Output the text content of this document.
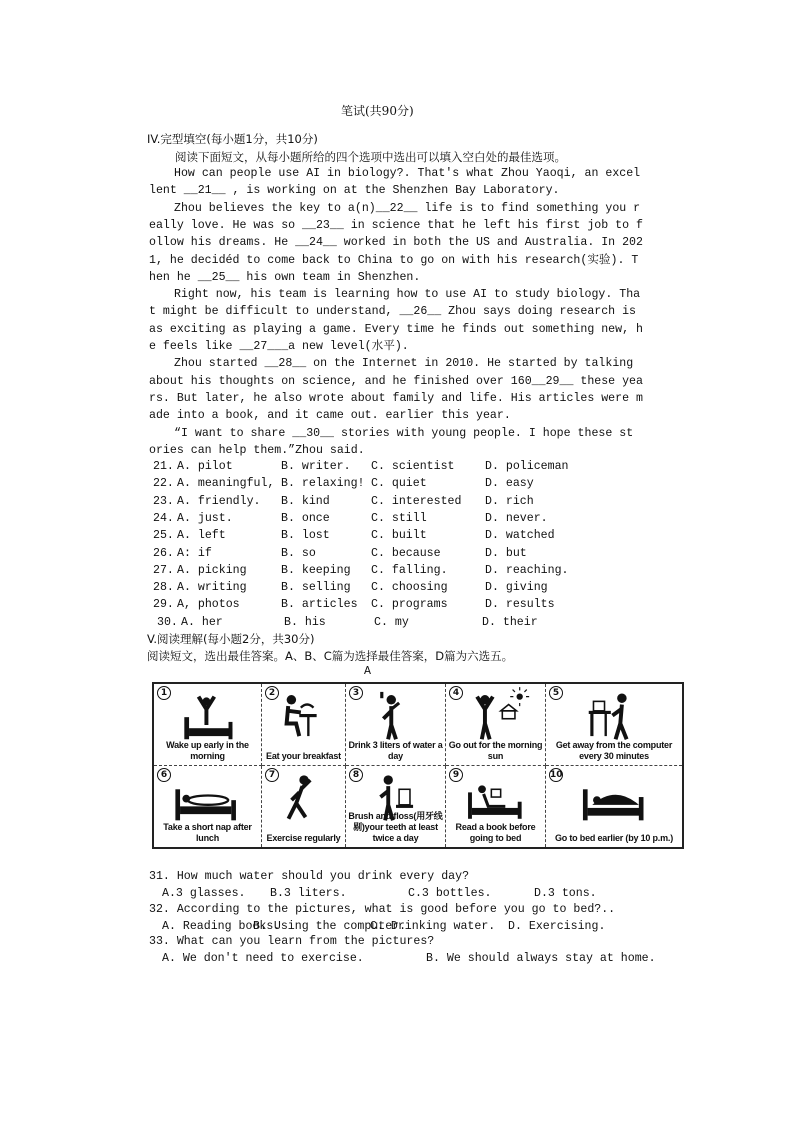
笔试(共90分)
IV.完型填空(每小题1分，共10分)
阅读下面短文，从每小题所给的四个选项中选出可以填入空白处的最佳选项。
How can people use AI in biology?. That's what Zhou Yaoqi, an excel
lent __21__ , is working on at the Shenzhen Bay Laboratory.
Zhou believes the key to a(n)__22__ life is to find something you r
eally love. He was so __23__ in science that he left his first job to f
ollow his dreams. He __24__ worked in both the US and Australia. In 202
1, he decidéd to come back to China to go on with his research(实验). T
hen he __25__ his own team in Shenzhen.
Right now, his team is learning how to use AI to study biology. Tha
t might be difficult to understand, __26__ Zhou says doing research is
as exciting as playing a game. Every time he finds out something new, h
e feels like __27___a new level(水平).
Zhou started __28__ on the Internet in 2010. He started by talking
about his thoughts on science, and he finished over 160__29__ these yea
rs. But later, he also wrote about family and life. His articles were m
ade into a book, and it came out. earlier this year.
“I want to share __30__ stories with young people. I hope these st
ories can help them.”Zhou said.
21. A. pilot	B. writer. C. scientist	D. policeman
22. A. meaningful, B. relaxing! C. quiet	D. easy
23. A. friendly. B. kind	C. interested D. rich
24. A. just.	B. once	C. still	D. never.
25. A. left	B. lost	C. built	D. watched
26. A: if	B. so	C. because	D. but
27. A. picking	B. keeping C. falling.	D. reaching.
28. A. writing	B. selling C. choosing	D. giving
29. A, photos	B. articles C. programs	D. results
30. A. her	B. his	C. my	D. their
V.阅读理解(每小题2分，共30分)
阅读短文，选出最佳答案。A、B、C篇为选择最佳答案，D篇为六选五。
A
1
Wake up early in the morning
2
Eat your breakfast
3
Drink 3 liters of water a day
4
Go out for the morning sun
5
Get away from the computer every 30 minutes
6
Take a short nap after lunch
7
Exercise regularly
8
Brush and floss(用牙线剔)your teeth at least twice a day
9
Read a book before going to bed
10
Go to bed earlier (by 10 p.m.)
31. How much water should you drink every day?
A.3 glasses. B.3 liters.	C.3 bottles.	D.3 tons.
32. According to the pictures, what is good before you go to bed?..
A. Reading books.
B. Using the computer.
C. Drinking water. D. Exercising.
33. What can you learn from the pictures?
A. We don't need to exercise.	B. We should always stay at home.
